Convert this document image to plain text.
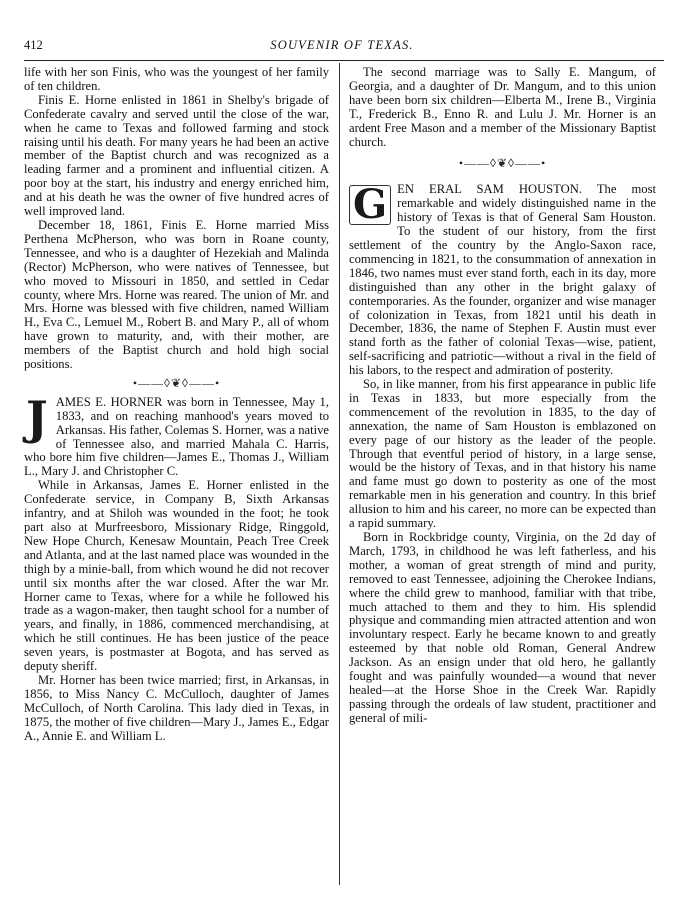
412	SOUVENIR OF TEXAS.

life with her son Finis, who was the youngest of her family of ten children.

Finis E. Horne enlisted in 1861 in Shelby's brigade of Confederate cavalry and served until the close of the war, when he came to Texas and followed farming and stock raising until his death. For many years he had been an active member of the Baptist church and was recognized as a leading farmer and a prominent and influential citizen. A poor boy at the start, his industry and energy enriched him, and at his death he was the owner of five hundred acres of well improved land.

December 18, 1861, Finis E. Horne married Miss Perthena McPherson, who was born in Roane county, Tennessee, and who is a daughter of Hezekiah and Malinda (Rector) McPherson, who were natives of Tennessee, but who moved to Missouri in 1850, and settled in Cedar county, where Mrs. Horne was reared. The union of Mr. and Mrs. Horne was blessed with five children, named William H., Eva C., Lemuel M., Robert B. and Mary P., all of whom have grown to maturity, and, with their mother, are members of the Baptist church and hold high social positions.

•——◊❦◊——•

JAMES E. HORNER was born in Tennessee, May 1, 1833, and on reaching manhood's years moved to Arkansas. His father, Colemas S. Horner, was a native of Tennessee also, and married Mahala C. Harris, who bore him five children—James E., Thomas J., William L., Mary J. and Christopher C.

While in Arkansas, James E. Horner enlisted in the Confederate service, in Company B, Sixth Arkansas infantry, and at Shiloh was wounded in the foot; he took part also at Murfreesboro, Missionary Ridge, Ringgold, New Hope Church, Kenesaw Mountain, Peach Tree Creek and Atlanta, and at the last named place was wounded in the thigh by a minie-ball, from which wound he did not recover until six months after the war closed. After the war Mr. Horner came to Texas, where for a while he followed his trade as a wagon-maker, then taught school for a number of years, and finally, in 1886, commenced merchandising, at which he still continues. He has been justice of the peace seven years, is postmaster at Bogota, and has served as deputy sheriff.

Mr. Horner has been twice married; first, in Arkansas, in 1856, to Miss Nancy C. McCulloch, daughter of James McCulloch, of North Carolina. This lady died in Texas, in 1875, the mother of five children—Mary J., James E., Edgar A., Annie E. and William L.

The second marriage was to Sally E. Mangum, of Georgia, and a daughter of Dr. Mangum, and to this union have been born six children—Elberta M., Irene B., Virginia T., Frederick B., Enno R. and Lulu J. Mr. Horner is an ardent Free Mason and a member of the Missionary Baptist church.

•——◊❦◊——•

G EN ERAL SAM HOUSTON. The most remarkable and widely distinguished name in the history of Texas is that of General Sam Houston. To the student of our history, from the first settlement of the country by the Anglo-Saxon race, commencing in 1821, to the consummation of annexation in 1846, two names must ever stand forth, each in its day, more distinguished than any other in the bright galaxy of contemporaries. As the founder, organizer and wise manager of colonization in Texas, from 1821 until his death in December, 1836, the name of Stephen F. Austin must ever stand forth as the father of colonial Texas—wise, patient, self-sacrificing and patriotic—without a rival in the field of his labors, to the respect and admiration of posterity.

So, in like manner, from his first appearance in public life in Texas in 1833, but more especially from the commencement of the revolution in 1835, to the day of annexation, the name of Sam Houston is emblazoned on every page of our history as the leader of the people. Through that eventful period of history, in a large sense, would be the history of Texas, and in that history his name and fame must go down to posterity as one of the most remarkable men in his generation and country. In this brief allusion to him and his career, no more can be expected than a rapid summary.

Born in Rockbridge county, Virginia, on the 2d day of March, 1793, in childhood he was left fatherless, and his mother, a woman of great strength of mind and purity, removed to east Tennessee, adjoining the Cherokee Indians, where the child grew to manhood, familiar with that tribe, much attached to them and they to him. His splendid physique and commanding mien attracted attention and won involuntary respect. Early he became known to and greatly esteemed by that noble old Roman, General Andrew Jackson. As an ensign under that old hero, he gallantly fought and was painfully wounded—a wound that never healed—at the Horse Shoe in the Creek War. Rapidly passing through the ordeals of law student, practitioner and general of mili-
